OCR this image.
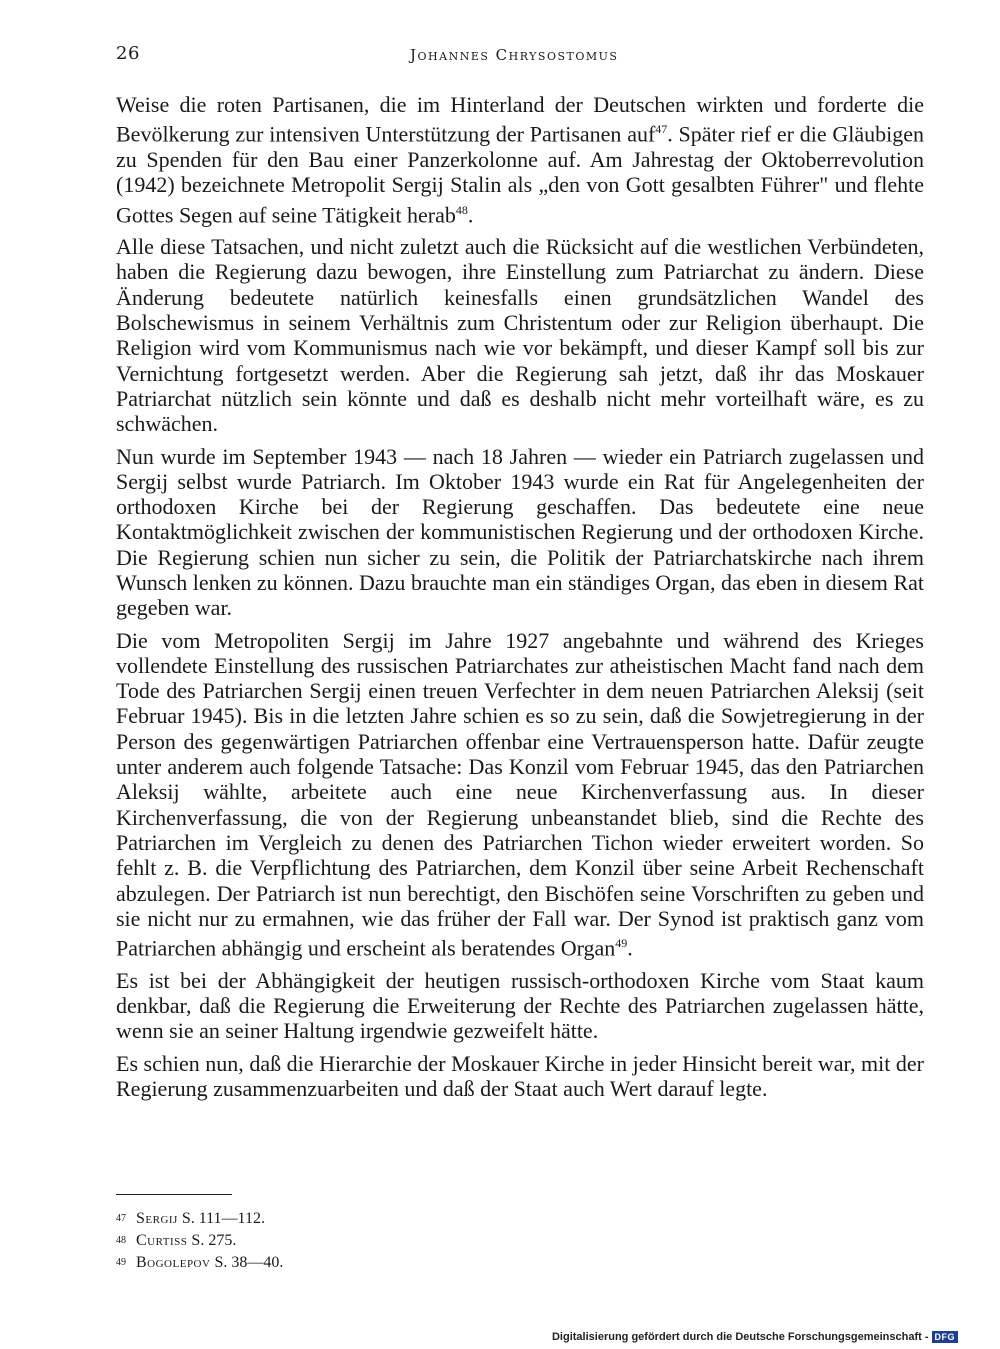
26	Johannes Chrysostomus

Weise die roten Partisanen, die im Hinterland der Deutschen wirkten und forderte die Bevölkerung zur intensiven Unterstützung der Partisanen auf$^{47}$. Später rief er die Gläubigen zu Spenden für den Bau einer Panzerkolonne auf. Am Jahrestag der Oktoberrevolution (1942) bezeichnete Metropolit Sergij Stalin als „den von Gott gesalbten Führer" und flehte Gottes Segen auf seine Tätigkeit herab$^{48}$.

Alle diese Tatsachen, und nicht zuletzt auch die Rücksicht auf die westlichen Verbündeten, haben die Regierung dazu bewogen, ihre Einstellung zum Patriarchat zu ändern. Diese Änderung bedeutete natürlich keinesfalls einen grundsätzlichen Wandel des Bolschewismus in seinem Verhältnis zum Christentum oder zur Religion überhaupt. Die Religion wird vom Kommunismus nach wie vor bekämpft, und dieser Kampf soll bis zur Vernichtung fortgesetzt werden. Aber die Regierung sah jetzt, daß ihr das Moskauer Patriarchat nützlich sein könnte und daß es deshalb nicht mehr vorteilhaft wäre, es zu schwächen.

Nun wurde im September 1943 — nach 18 Jahren — wieder ein Patriarch zugelassen und Sergij selbst wurde Patriarch. Im Oktober 1943 wurde ein Rat für Angelegenheiten der orthodoxen Kirche bei der Regierung geschaffen. Das bedeutete eine neue Kontaktmöglichkeit zwischen der kommunistischen Regierung und der orthodoxen Kirche. Die Regierung schien nun sicher zu sein, die Politik der Patriarchatskirche nach ihrem Wunsch lenken zu können. Dazu brauchte man ein ständiges Organ, das eben in diesem Rat gegeben war.

Die vom Metropoliten Sergij im Jahre 1927 angebahnte und während des Krieges vollendete Einstellung des russischen Patriarchates zur atheistischen Macht fand nach dem Tode des Patriarchen Sergij einen treuen Verfechter in dem neuen Patriarchen Aleksij (seit Februar 1945). Bis in die letzten Jahre schien es so zu sein, daß die Sowjetregierung in der Person des gegenwärtigen Patriarchen offenbar eine Vertrauensperson hatte. Dafür zeugte unter anderem auch folgende Tatsache: Das Konzil vom Februar 1945, das den Patriarchen Aleksij wählte, arbeitete auch eine neue Kirchenverfassung aus. In dieser Kirchenverfassung, die von der Regierung unbeanstandet blieb, sind die Rechte des Patriarchen im Vergleich zu denen des Patriarchen Tichon wieder erweitert worden. So fehlt z. B. die Verpflichtung des Patriarchen, dem Konzil über seine Arbeit Rechenschaft abzulegen. Der Patriarch ist nun berechtigt, den Bischöfen seine Vorschriften zu geben und sie nicht nur zu ermahnen, wie das früher der Fall war. Der Synod ist praktisch ganz vom Patriarchen abhängig und erscheint als beratendes Organ$^{49}$.

Es ist bei der Abhängigkeit der heutigen russisch-orthodoxen Kirche vom Staat kaum denkbar, daß die Regierung die Erweiterung der Rechte des Patriarchen zugelassen hätte, wenn sie an seiner Haltung irgendwie gezweifelt hätte.

Es schien nun, daß die Hierarchie der Moskauer Kirche in jeder Hinsicht bereit war, mit der Regierung zusammenzuarbeiten und daß der Staat auch Wert darauf legte.

$^{47}$ Sergij S. 111—112.
$^{48}$ Curtiss S. 275.
$^{49}$ Bogolepov S. 38—40.
Digitalisierung gefördert durch die Deutsche Forschungsgemeinschaft - DFG
